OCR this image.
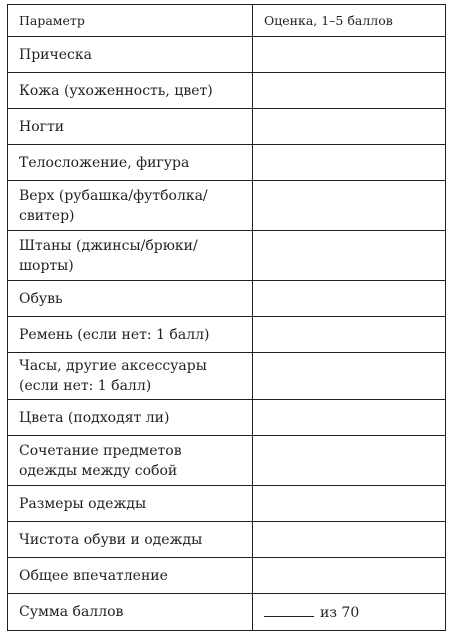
Параметр	Оценка, 1–5 баллов
Прическа	
Кожа (ухоженность, цвет)	
Ногти	
Телосложение, фигура	
Верх (рубашка/футболка/ свитер)	
Штаны (джинсы/брюки/ шорты)	
Обувь	
Ремень (если нет: 1 балл)	
Часы, другие аксессуары (если нет: 1 балл)	
Цвета (подходят ли)	
Сочетание предметов одежды между собой	
Размеры одежды	
Чистота обуви и одежды	
Общее впечатление	
Сумма баллов	из 70
